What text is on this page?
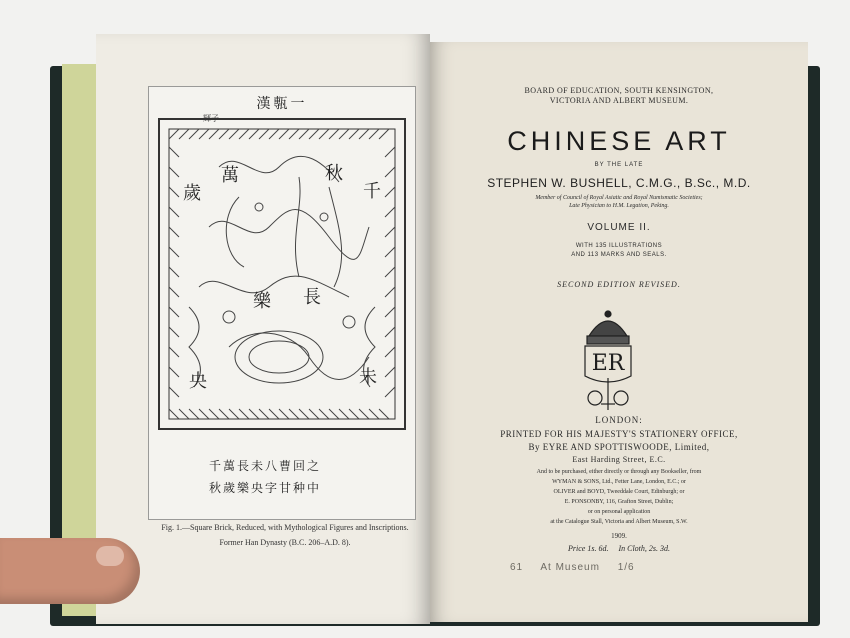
歲
萬	秋
千
樂 長
央	未
漢甎一
輝子
千萬長未八曹回之
秋歲樂央字甘种中
Fig. 1.—Square Brick, Reduced, with Mythological Figures and Inscriptions.
Former Han Dynasty (B.C. 206–A.D. 8).
BOARD OF EDUCATION, SOUTH KENSINGTON,
VICTORIA AND ALBERT MUSEUM.
CHINESE ART
BY THE LATE
STEPHEN W. BUSHELL, C.M.G., B.Sc., M.D.
Member of Council of Royal Asiatic and Royal Numismatic Societies;
Late Physician to H.M. Legation, Peking.
VOLUME II.
WITH 135 ILLUSTRATIONS
AND 113 MARKS AND SEALS.
SECOND EDITION REVISED.
ER
LONDON:
PRINTED FOR HIS MAJESTY'S STATIONERY OFFICE,
By EYRE AND SPOTTISWOODE, Limited,
East Harding Street, E.C.
And to be purchased, either directly or through any Bookseller, from
WYMAN & SONS, Ltd., Fetter Lane, London, E.C.; or
OLIVER and BOYD, Tweeddale Court, Edinburgh; or
E. PONSONBY, 116, Grafton Street, Dublin;
or on personal application
at the Catalogue Stall, Victoria and Albert Museum, S.W.
1909.
Price 1s. 6d. In Cloth, 2s. 3d.
61 At Museum 1/6
